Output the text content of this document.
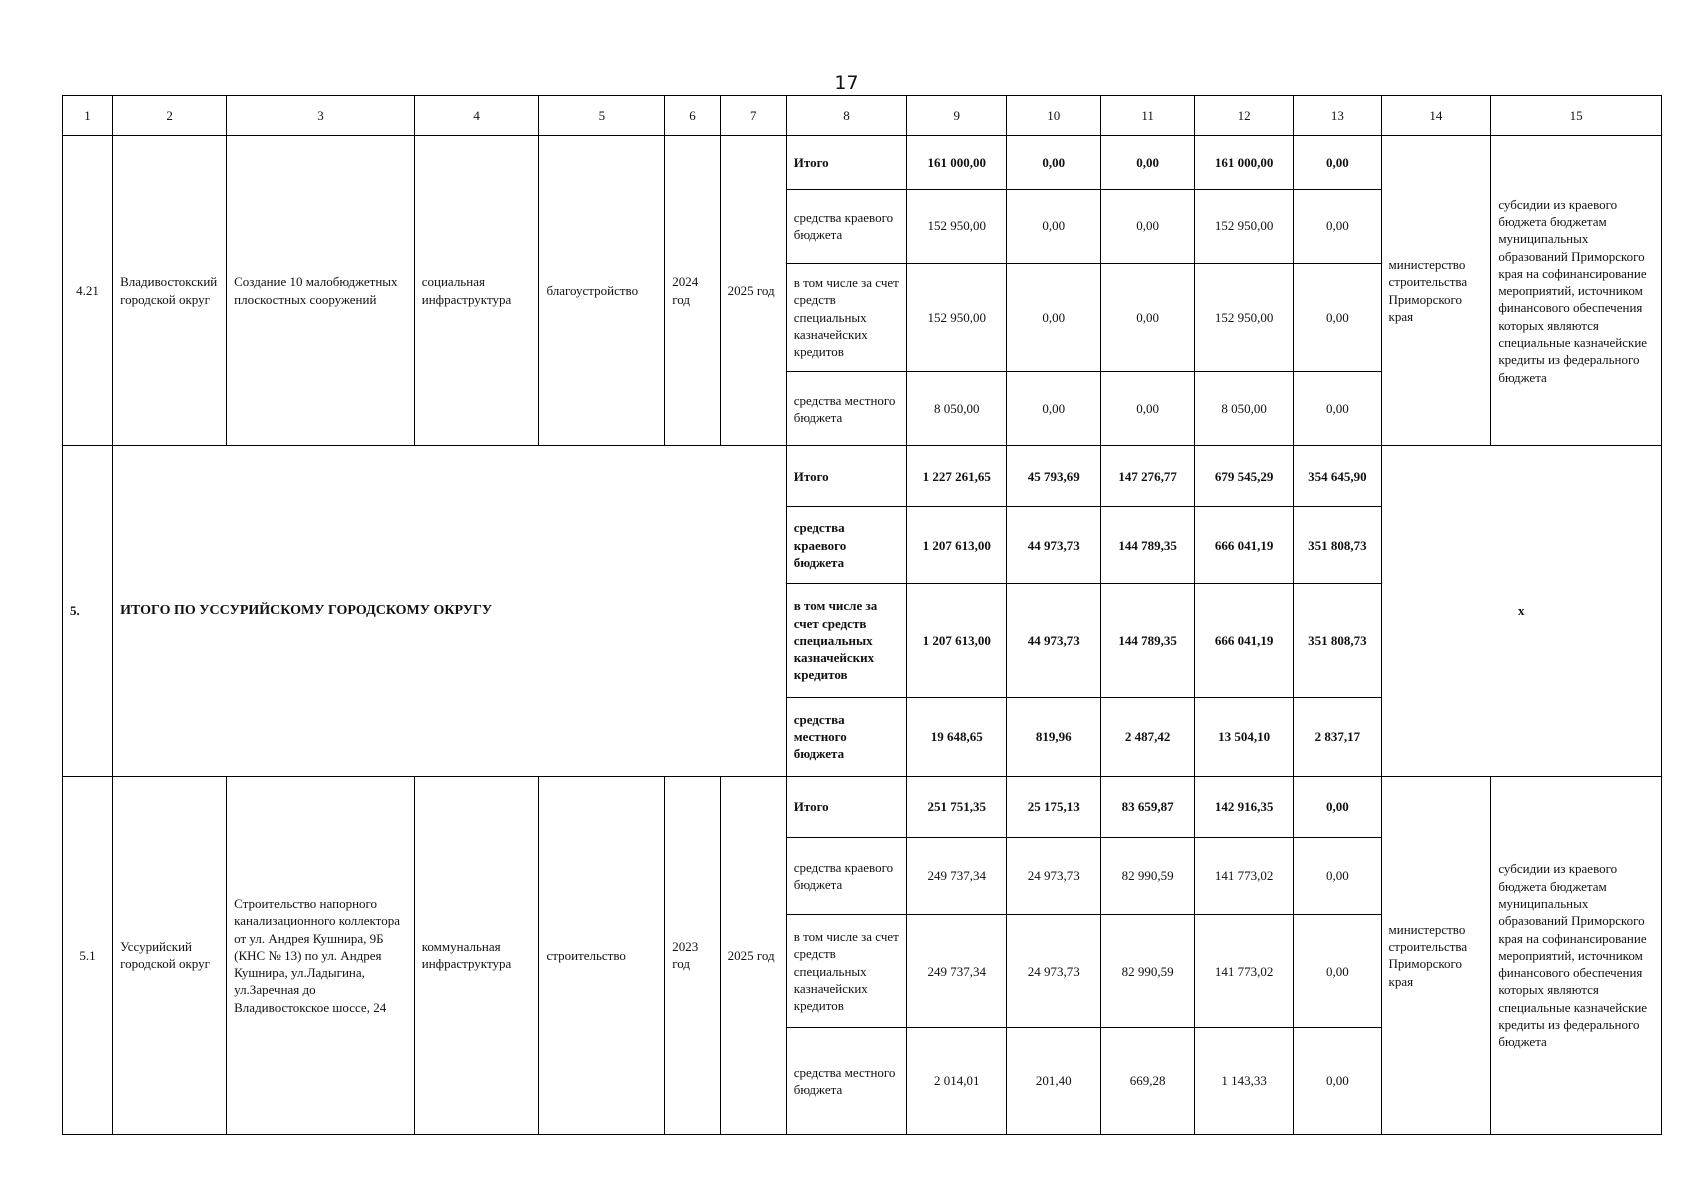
17
1	2	3	4	5	6	7	8	9	10	11	12	13	14	15
4.21	Владивостокский городской округ	Создание 10 малобюджетных плоскостных сооружений	социальная инфраструктура	благоустройство	2024 год	2025 год	Итого	161 000,00	0,00	0,00	161 000,00	0,00	министерство строительства Приморского края	субсидии из краевого бюджета бюджетам муниципальных образований Приморского края на софинансирование мероприятий, источником финансового обеспечения которых являются специальные казначейские кредиты из федерального бюджета
							средства краевого бюджета	152 950,00	0,00	0,00	152 950,00	0,00		
							в том числе за счет средств специальных казначейских кредитов	152 950,00	0,00	0,00	152 950,00	0,00		
							средства местного бюджета	8 050,00	0,00	0,00	8 050,00	0,00		
5.	ИТОГО ПО УССУРИЙСКОМУ ГОРОДСКОМУ ОКРУГУ						Итого	1 227 261,65	45 793,69	147 276,77	679 545,29	354 645,90	х	
							средства краевого бюджета	1 207 613,00	44 973,73	144 789,35	666 041,19	351 808,73		
							в том числе за счет средств специальных казначейских кредитов	1 207 613,00	44 973,73	144 789,35	666 041,19	351 808,73		
							средства местного бюджета	19 648,65	819,96	2 487,42	13 504,10	2 837,17		
5.1	Уссурийский городской округ	Строительство напорного канализационного коллектора от ул. Андрея Кушнира, 9Б (КНС № 13) по ул. Андрея Кушнира, ул.Ладыгина, ул.Заречная до Владивостокское шоссе, 24	коммунальная инфраструктура	строительство	2023 год	2025 год	Итого	251 751,35	25 175,13	83 659,87	142 916,35	0,00	министерство строительства Приморского края	субсидии из краевого бюджета бюджетам муниципальных образований Приморского края на софинансирование мероприятий, источником финансового обеспечения которых являются специальные казначейские кредиты из федерального бюджета
							средства краевого бюджета	249 737,34	24 973,73	82 990,59	141 773,02	0,00		
							в том числе за счет средств специальных казначейских кредитов	249 737,34	24 973,73	82 990,59	141 773,02	0,00		
							средства местного бюджета	2 014,01	201,40	669,28	1 143,33	0,00		
